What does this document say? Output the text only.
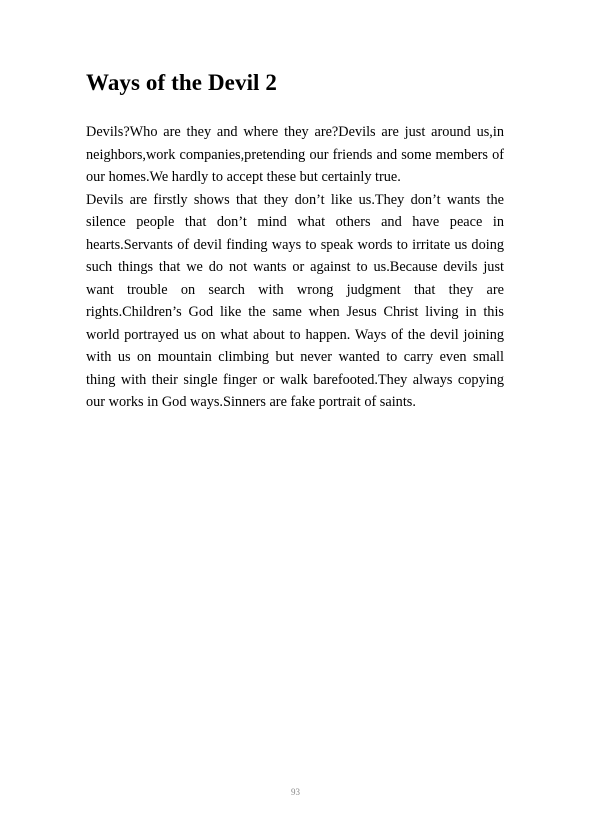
Ways of the Devil 2

Devils?Who are they and where they are?Devils are just around us,in neighbors,work companies,pretending our friends and some members of our homes.We hardly to accept these but certainly true.

Devils are firstly shows that they don’t like us.They don’t wants the silence people that don’t mind what others and have peace in hearts.Servants of devil finding ways to speak words to irritate us doing such things that we do not wants or against to us.Because devils just want trouble on search with wrong judgment that they are rights.Children’s God like the same when Jesus Christ living in this world portrayed us on what about to happen. Ways of the devil joining with us on mountain climbing but never wanted to carry even small thing with their single finger or walk barefooted.They always copying our works in God ways.Sinners are fake portrait of saints.

93
